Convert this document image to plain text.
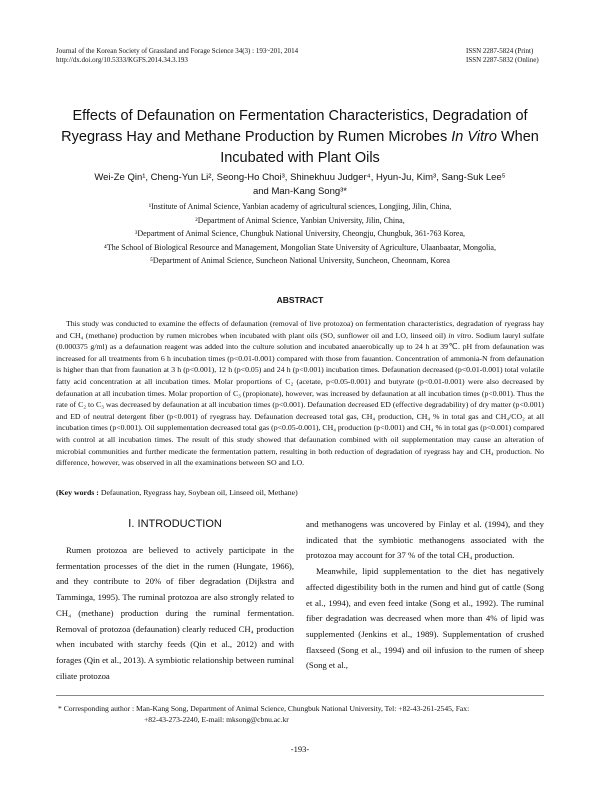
Journal of the Korean Society of Grassland and Forage Science 34(3) : 193~201, 2014
http://dx.doi.org/10.5333/KGFS.2014.34.3.193
ISSN 2287-5824 (Print)
ISSN 2287-5832 (Online)
Effects of Defaunation on Fermentation Characteristics, Degradation of
Ryegrass Hay and Methane Production by Rumen Microbes In Vitro When
Incubated with Plant Oils
Wei-Ze Qin¹, Cheng-Yun Li², Seong-Ho Choi³, Shinekhuu Judger⁴, Hyun-Ju, Kim³, Sang-Suk Lee⁵
and Man-Kang Song³*
¹Institute of Animal Science, Yanbian academy of agricultural sciences, Longjing, Jilin, China,
²Department of Animal Science, Yanbian University, Jilin, China,
³Department of Animal Science, Chungbuk National University, Cheongju, Chungbuk, 361-763 Korea,
⁴The School of Biological Resource and Management, Mongolian State University of Agriculture, Ulaanbaatar, Mongolia,
⁵Department of Animal Science, Suncheon National University, Suncheon, Cheonnam, Korea
ABSTRACT
This study was conducted to examine the effects of defaunation (removal of live protozoa) on fermentation characteristics, degradation of ryegrass hay and CH₄ (methane) production by rumen microbes when incubated with plant oils (SO, sunflower oil and LO, linseed oil) in vitro. Sodium lauryl sulfate (0.000375 g/ml) as a defaunation reagent was added into the culture solution and incubated anaerobically up to 24 h at 39℃. pH from defaunation was increased for all treatments from 6 h incubation times (p<0.01-0.001) compared with those from fauantion. Concentration of ammonia-N from defaunation is higher than that from faunation at 3 h (p<0.001), 12 h (p<0.05) and 24 h (p<0.001) incubation times. Defaunation decreased (p<0.01-0.001) total volatile fatty acid concentration at all incubation times. Molar proportions of C₂ (acetate, p<0.05-0.001) and butyrate (p<0.01-0.001) were also decreased by defaunation at all incubation times. Molar proportion of C₃ (propionate), however, was increased by defaunation at all incubation times (p<0.001). Thus the rate of C₂ to C₃ was decreased by defaunation at all incubation times (p<0.001). Defaunation decreased ED (effective degradability) of dry matter (p<0.001) and ED of neutral detergent fiber (p<0.001) of ryegrass hay. Defaunation decreased total gas, CH₄ production, CH₄ % in total gas and CH₄/CO₂ at all incubation times (p<0.001). Oil supplementation decreased total gas (p<0.05-0.001), CH₄ production (p<0.001) and CH₄ % in total gas (p<0.001) compared with control at all incubation times. The result of this study showed that defaunation combined with oil supplementation may cause an alteration of microbial communities and further medicate the fermentation pattern, resulting in both reduction of degradation of ryegrass hay and CH₄ production. No difference, however, was observed in all the examinations between SO and LO.
(Key words : Defaunation, Ryegrass hay, Soybean oil, Linseed oil, Methane)
Ⅰ. INTRODUCTION

Rumen protozoa are believed to actively participate in the fermentation processes of the diet in the rumen (Hungate, 1966), and they contribute to 20% of fiber degradation (Dijkstra and Tamminga, 1995). The ruminal protozoa are also strongly related to CH₄ (methane) production during the ruminal fermentation. Removal of protozoa (defaunation) clearly reduced CH₄ production when incubated with starchy feeds (Qin et al., 2012) and with forages (Qin et al., 2013). A symbiotic relationship between ruminal ciliate protozoa

and methanogens was uncovered by Finlay et al. (1994), and they indicated that the symbiotic methanogens associated with the protozoa may account for 37 % of the total CH₄ production.

Meanwhile, lipid supplementation to the diet has negatively affected digestibility both in the rumen and hind gut of cattle (Song et al., 1994), and even feed intake (Song et al., 1992). The ruminal fiber degradation was decreased when more than 4% of lipid was supplemented (Jenkins et al., 1989). Supplementation of crushed flaxseed (Song et al., 1994) and oil infusion to the rumen of sheep (Song et al.,

* Corresponding author : Man-Kang Song, Department of Animal Science, Chungbuk National University, Tel: +82-43-261-2545, Fax:
+82-43-273-2240, E-mail: mksong@cbnu.ac.kr
-193-
